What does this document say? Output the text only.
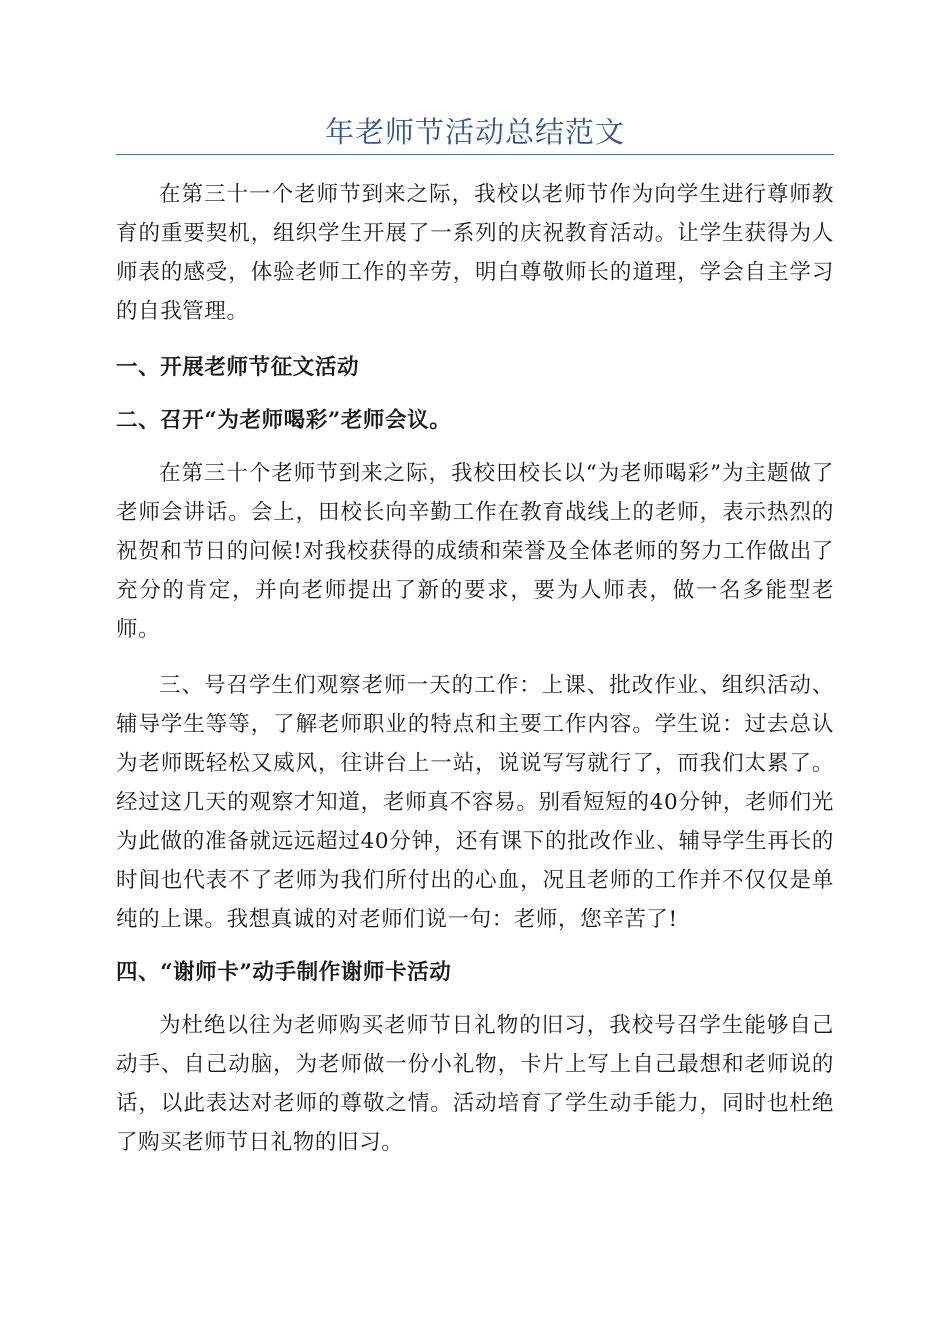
年老师节活动总结范文

在第三十一个老师节到来之际，我校以老师节作为向学生进行尊师教育的重要契机，组织学生开展了一系列的庆祝教育活动。让学生获得为人师表的感受，体验老师工作的辛劳，明白尊敬师长的道理，学会自主学习的自我管理。

一、开展老师节征文活动

二、召开“为老师喝彩”老师会议。

在第三十个老师节到来之际，我校田校长以“为老师喝彩”为主题做了老师会讲话。会上，田校长向辛勤工作在教育战线上的老师，表示热烈的祝贺和节日的问候!对我校获得的成绩和荣誉及全体老师的努力工作做出了充分的肯定，并向老师提出了新的要求，要为人师表，做一名多能型老师。

三、号召学生们观察老师一天的工作：上课、批改作业、组织活动、辅导学生等等，了解老师职业的特点和主要工作内容。学生说：过去总认为老师既轻松又威风，往讲台上一站，说说写写就行了，而我们太累了。经过这几天的观察才知道，老师真不容易。别看短短的40分钟，老师们光为此做的准备就远远超过40分钟，还有课下的批改作业、辅导学生再长的时间也代表不了老师为我们所付出的心血，况且老师的工作并不仅仅是单纯的上课。我想真诚的对老师们说一句：老师，您辛苦了!

四、“谢师卡”动手制作谢师卡活动

为杜绝以往为老师购买老师节日礼物的旧习，我校号召学生能够自己动手、自己动脑，为老师做一份小礼物，卡片上写上自己最想和老师说的话，以此表达对老师的尊敬之情。活动培育了学生动手能力，同时也杜绝了购买老师节日礼物的旧习。
